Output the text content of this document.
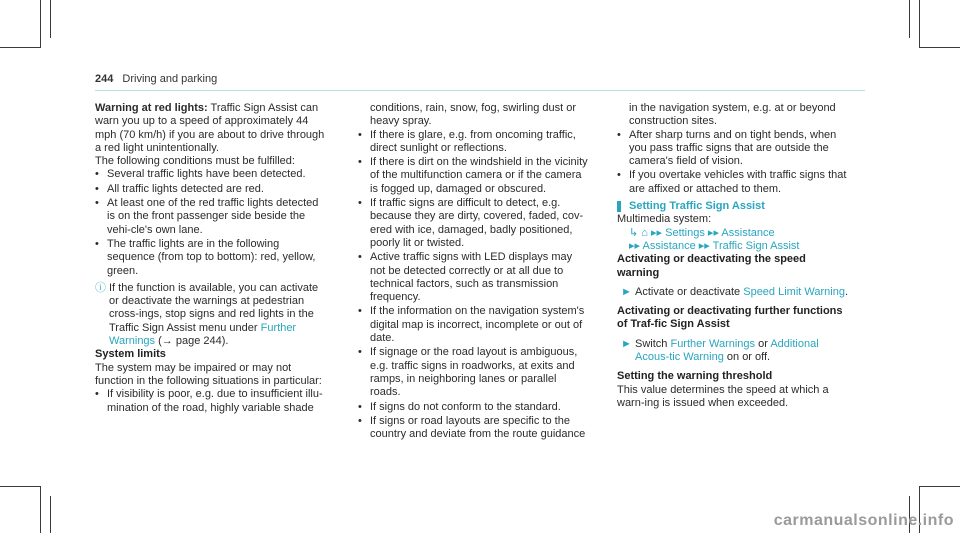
244 Driving and parking

Warning at red lights: Traffic Sign Assist can warn you up to a speed of approximately 44 mph (70 km/h) if you are about to drive through a red light unintentionally.

The following conditions must be fulfilled:

• Several traffic lights have been detected.
• All traffic lights detected are red.
• At least one of the red traffic lights detected is on the front passenger side beside the vehi-cle's own lane.
• The traffic lights are in the following sequence (from top to bottom): red, yellow, green.
ⓘ If the function is available, you can activate or deactivate the warnings at pedestrian cross-ings, stop signs and red lights in the Traffic Sign Assist menu under Further Warnings (→ page 244).

System limits

The system may be impaired or may not function in the following situations in particular:

• If visibility is poor, e.g. due to insufficient illu-mination of the road, highly variable shade

conditions, rain, snow, fog, swirling dust or heavy spray.

• If there is glare, e.g. from oncoming traffic, direct sunlight or reflections.
• If there is dirt on the windshield in the vicinity of the multifunction camera or if the camera is fogged up, damaged or obscured.
• If traffic signs are difficult to detect, e.g. because they are dirty, covered, faded, cov-ered with ice, damaged, badly positioned, poorly lit or twisted.
• Active traffic signs with LED displays may not be detected correctly or at all due to technical factors, such as transmission frequency.
• If the information on the navigation system's digital map is incorrect, incomplete or out of date.
• If signage or the road layout is ambiguous, e.g. traffic signs in roadworks, at exits and ramps, in neighboring lanes or parallel roads.
• If signs do not conform to the standard.
• If signs or road layouts are specific to the country and deviate from the route guidance

in the navigation system, e.g. at or beyond construction sites.

• After sharp turns and on tight bends, when you pass traffic signs that are outside the camera's field of vision.
• If you overtake vehicles with traffic signs that are affixed or attached to them.
Setting Traffic Sign Assist

Multimedia system:

↳ ⌂ ▸▸ Settings ▸▸ Assistance
▸▸ Assistance ▸▸ Traffic Sign Assist

Activating or deactivating the speed warning

► Activate or deactivate Speed Limit Warning.

Activating or deactivating further functions of Traf-fic Sign Assist

► Switch Further Warnings or Additional Acous-tic Warning on or off.

Setting the warning threshold

This value determines the speed at which a warn-ing is issued when exceeded.

carmanualsonline.info
